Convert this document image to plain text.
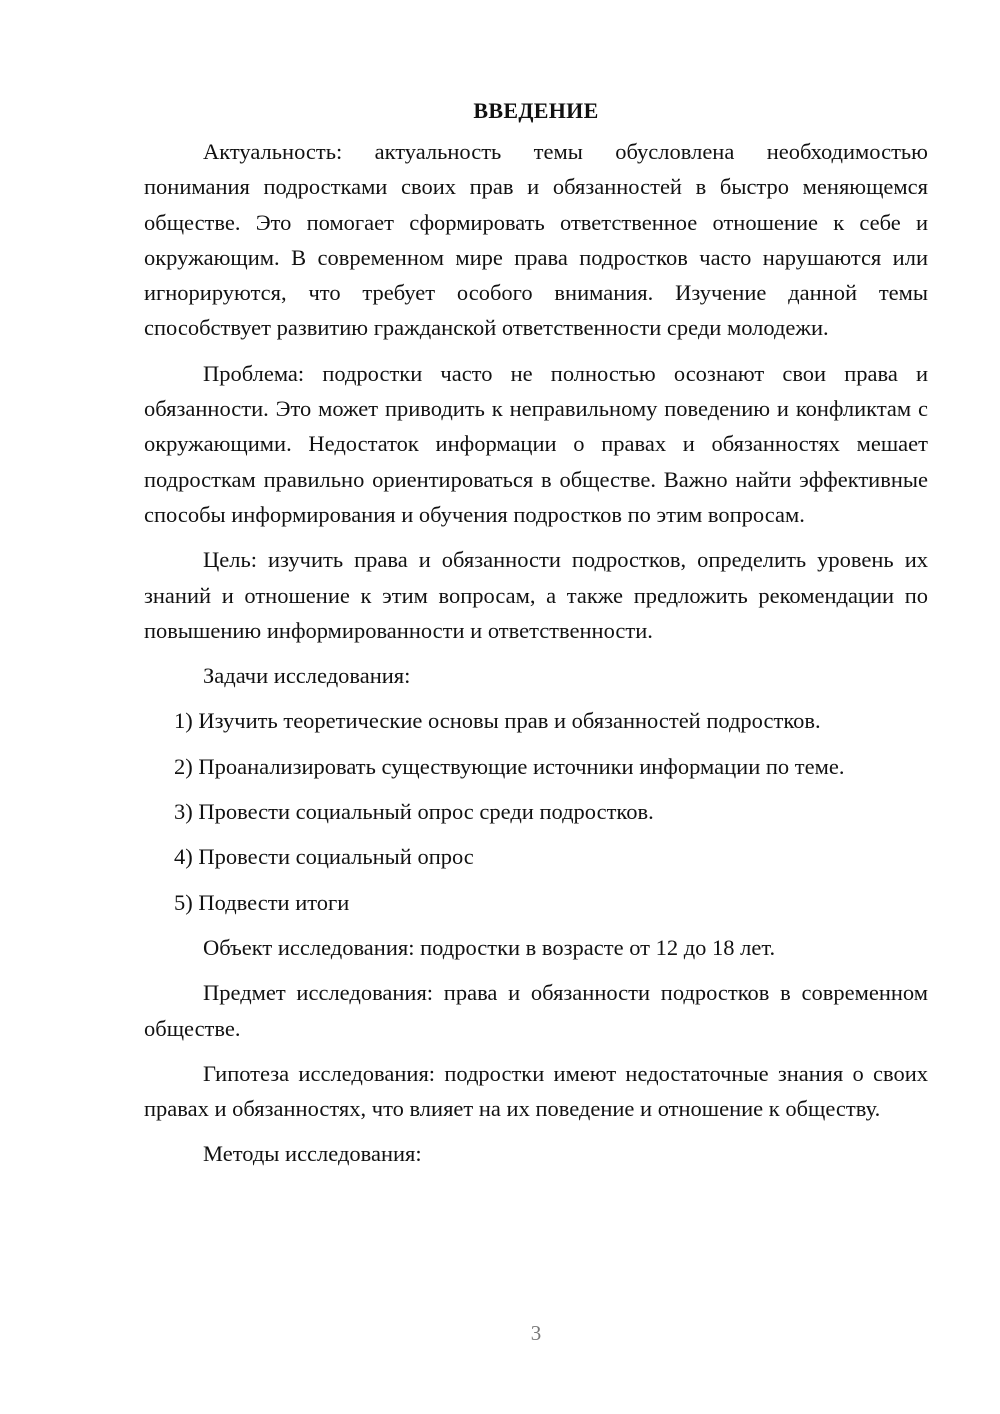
ВВЕДЕНИЕ

Актуальность: актуальность темы обусловлена необходимостью понимания подростками своих прав и обязанностей в быстро меняющемся обществе. Это помогает сформировать ответственное отношение к себе и окружающим. В современном мире права подростков часто нарушаются или игнорируются, что требует особого внимания. Изучение данной темы способствует развитию гражданской ответственности среди молодежи.

Проблема: подростки часто не полностью осознают свои права и обязанности. Это может приводить к неправильному поведению и конфликтам с окружающими. Недостаток информации о правах и обязанностях мешает подросткам правильно ориентироваться в обществе. Важно найти эффективные способы информирования и обучения подростков по этим вопросам.

Цель: изучить права и обязанности подростков, определить уровень их знаний и отношение к этим вопросам, а также предложить рекомендации по повышению информированности и ответственности.

Задачи исследования:

1) Изучить теоретические основы прав и обязанностей подростков.

2) Проанализировать существующие источники информации по теме.

3) Провести социальный опрос среди подростков.

4) Провести социальный опрос

5) Подвести итоги

Объект исследования: подростки в возрасте от 12 до 18 лет.

Предмет исследования: права и обязанности подростков в современном обществе.

Гипотеза исследования: подростки имеют недостаточные знания о своих правах и обязанностях, что влияет на их поведение и отношение к обществу.

Методы исследования:

3
